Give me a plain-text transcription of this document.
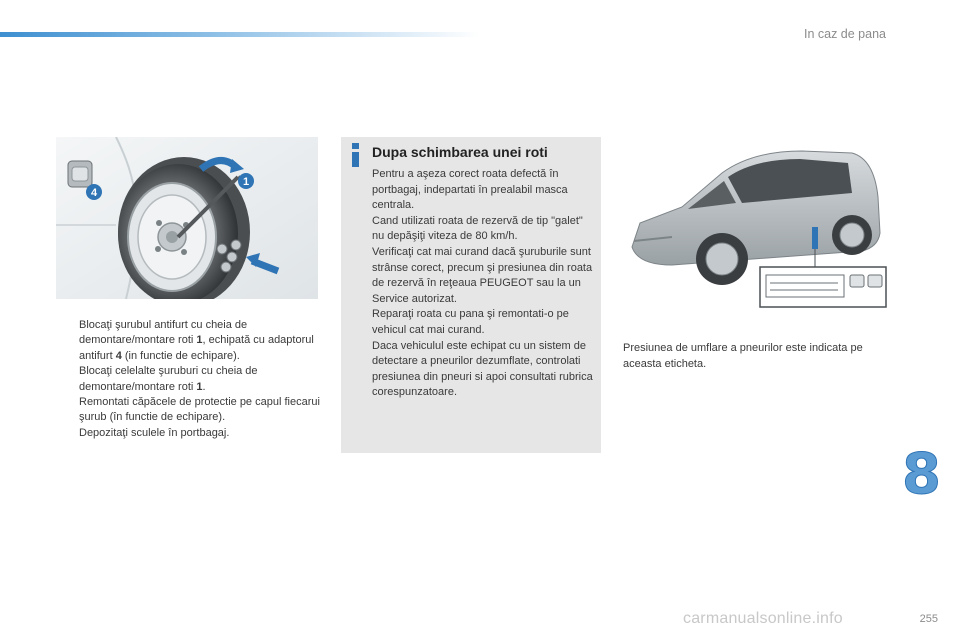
In caz de pana
1
4
Blocaţi şurubul antifurt cu cheia de demontare/montare roti 1, echipată cu adaptorul antifurt 4 (in functie de echipare).
Blocaţi celelalte şuruburi cu cheia de demontare/montare roti 1.
Remontati căpăcele de protectie pe capul fiecarui şurub (în functie de echipare).
Depozitaţi sculele în portbagaj.
Dupa schimbarea unei roti

Pentru a aşeza corect roata defectă în portbagaj, indepartati în prealabil masca centrala.

Cand utilizati roata de rezervă de tip "galet" nu depăşiţi viteza de 80 km/h.

Verificaţi cat mai curand dacă şuruburile sunt strânse corect, precum şi presiunea din roata de rezervă în reţeaua PEUGEOT sau la un Service autorizat.

Reparaţi roata cu pana şi remontati-o pe vehicul cat mai curand.

Daca vehiculul este echipat cu un sistem de detectare a pneurilor dezumflate, controlati presiunea din pneuri si apoi consultati rubrica corespunzatoare.

Presiunea de umflare a pneurilor este indicata pe aceasta eticheta.
8
255
carmanualsonline.info
